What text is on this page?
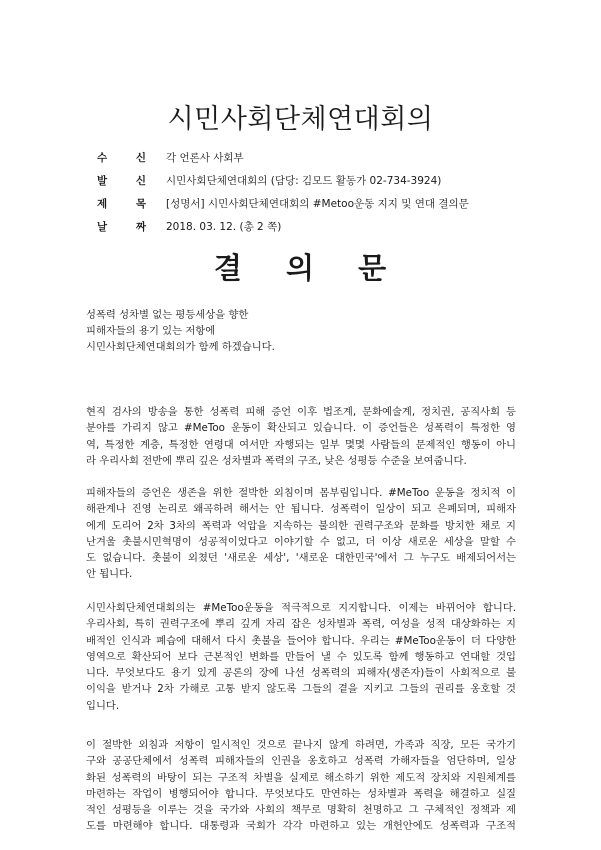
시민사회단체연대회의
수	신 각 언론사 사회부
발	신 시민사회단체연대회의 (담당: 김모드 활동가 02-734-3924)
제	목 [성명서] 시민사회단체연대회의 #Metoo운동 지지 및 연대 결의문
날	짜 2018. 03. 12. (총 2 쪽)
결 의 문
성폭력 성차별 없는 평등세상을 향한
피해자들의 용기 있는 저항에
시민사회단체연대회의가 함께 하겠습니다.
현직 검사의 방송을 통한 성폭력 피해 증언 이후 법조계, 문화예술계, 정치권, 공직사회 등
분야를 가리지 않고 #MeToo 운동이 확산되고 있습니다. 이 증언들은 성폭력이 특정한 영
역, 특정한 계층, 특정한 연령대 여서만 자행되는 일부 몇몇 사람들의 문제적인 행동이 아니
라 우리사회 전반에 뿌리 깊은 성차별과 폭력의 구조, 낮은 성평등 수준을 보여줍니다.
피해자들의 증언은 생존을 위한 절박한 외침이며 몸부림입니다. #MeToo 운동을 정치적 이
해관계나 진영 논리로 왜곡하려 해서는 안 됩니다. 성폭력이 일상이 되고 은폐되며, 피해자
에게 도리어 2차 3차의 폭력과 억압을 지속하는 불의한 권력구조와 문화를 방치한 채로 지
난겨울 촛불시민혁명이 성공적이었다고 이야기할 수 없고, 더 이상 새로운 세상을 말할 수
도 없습니다. 촛불이 외쳤던 '새로운 세상', '새로운 대한민국'에서 그 누구도 배제되어서는
안 됩니다.
시민사회단체연대회의는 #MeToo운동을 적극적으로 지지합니다. 이제는 바뀌어야 합니다.
우리사회, 특히 권력구조에 뿌리 깊게 자리 잡은 성차별과 폭력, 여성을 성적 대상화하는 지
배적인 인식과 폐습에 대해서 다시 촛불을 들어야 합니다. 우리는 #MeToo운동이 더 다양한
영역으로 확산되어 보다 근본적인 변화를 만들어 낼 수 있도록 함께 행동하고 연대할 것입
니다. 무엇보다도 용기 있게 공론의 장에 나선 성폭력의 피해자(생존자)들이 사회적으로 불
이익을 받거나 2차 가해로 고통 받지 않도록 그들의 곁을 지키고 그들의 권리를 옹호할 것
입니다.
이 절박한 외침과 저항이 일시적인 것으로 끝나지 않게 하려면, 가족과 직장, 모든 국가기
구와 공공단체에서 성폭력 피해자들의 인권을 옹호하고 성폭력 가해자들을 엄단하며, 일상
화된 성폭력의 바탕이 되는 구조적 차별을 실제로 해소하기 위한 제도적 장치와 지원체계를
마련하는 작업이 병행되어야 합니다. 무엇보다도 만연하는 성차별과 폭력을 해결하고 실질
적인 성평등을 이루는 것을 국가와 사회의 책무로 명확히 천명하고 그 구체적인 정책과 제
도를 마련해야 합니다. 대통령과 국회가 각각 마련하고 있는 개헌안에도 성폭력과 구조적
